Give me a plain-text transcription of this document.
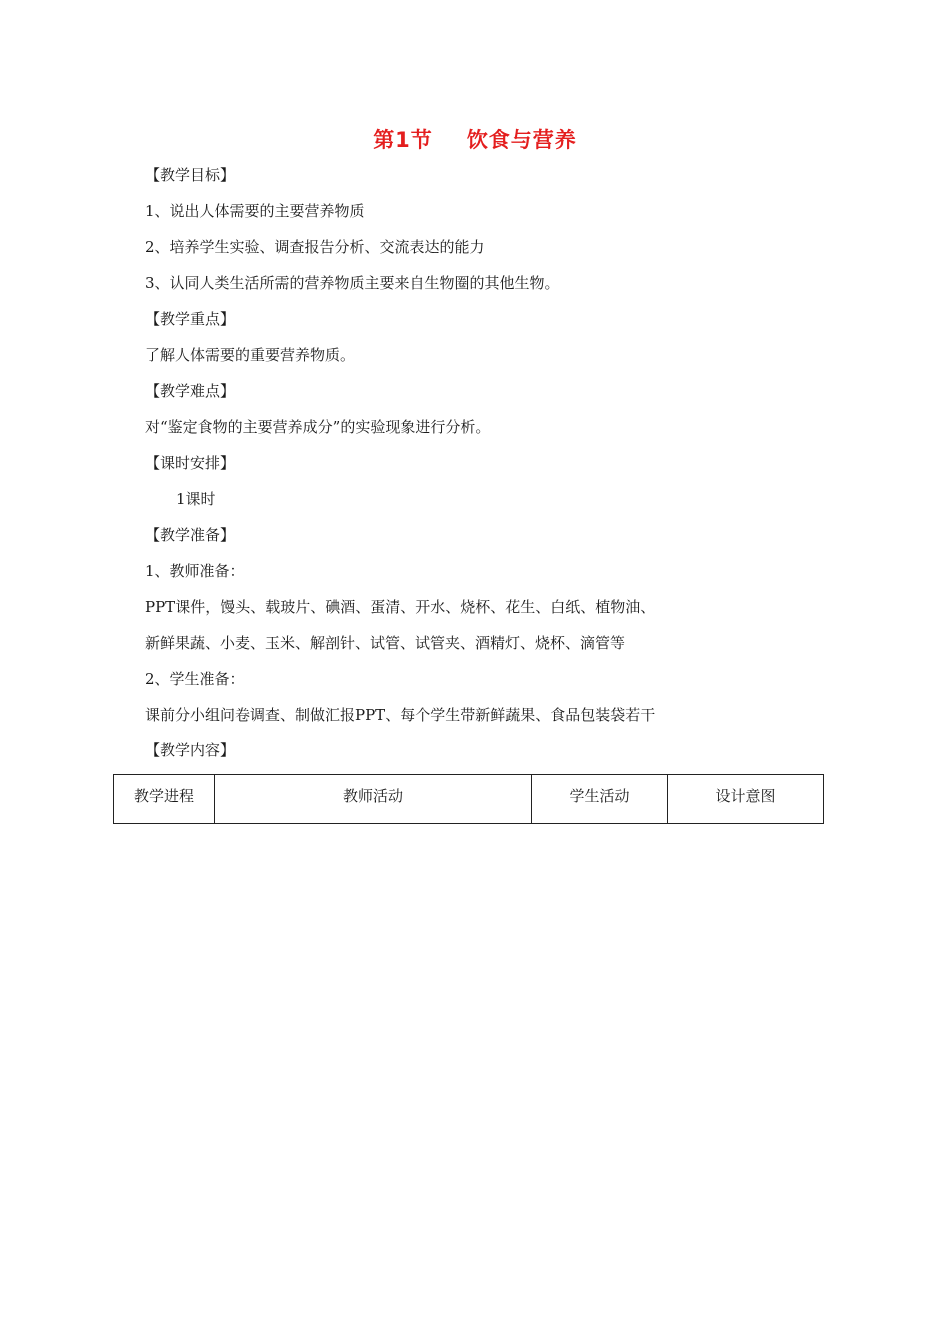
第1节 饮食与营养
【教学目标】
1、说出人体需要的主要营养物质
2、培养学生实验、调查报告分析、交流表达的能力
3、认同人类生活所需的营养物质主要来自生物圈的其他生物。
【教学重点】
了解人体需要的重要营养物质。
【教学难点】
对“鉴定食物的主要营养成分”的实验现象进行分析。
【课时安排】
1课时
【教学准备】
1、教师准备：
PPT课件，馒头、载玻片、碘酒、蛋清、开水、烧杯、花生、白纸、植物油、
新鲜果蔬、小麦、玉米、解剖针、试管、试管夹、酒精灯、烧杯、滴管等
2、学生准备：
课前分小组问卷调查、制做汇报PPT、每个学生带新鲜蔬果、食品包装袋若干
【教学内容】
教学进程	教师活动	学生活动	设计意图
